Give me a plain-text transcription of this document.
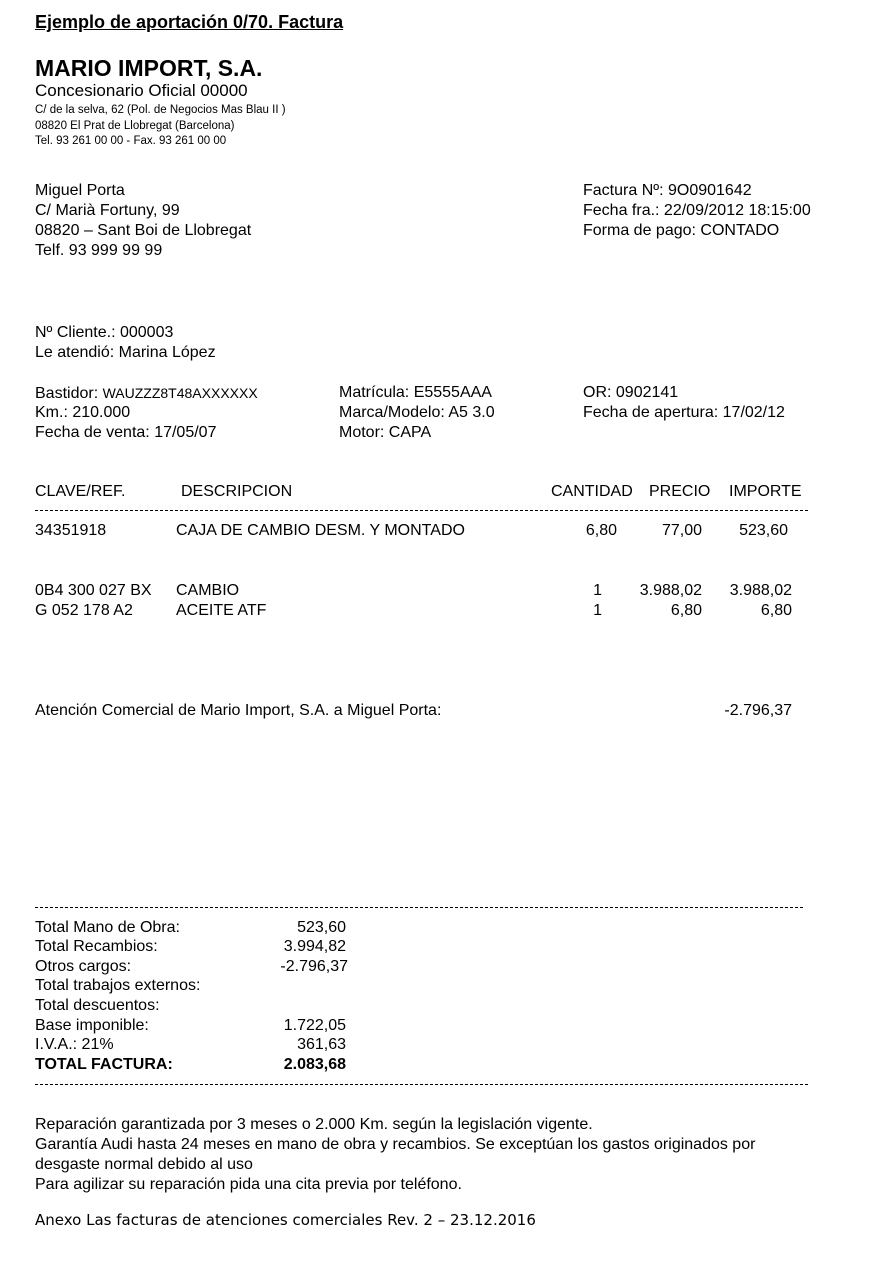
Ejemplo de aportación 0/70. Factura
MARIO IMPORT, S.A.
Concesionario Oficial 00000
C/ de la selva, 62 (Pol. de Negocios Mas Blau II )
08820 El Prat de Llobregat (Barcelona)
Tel. 93 261 00 00 - Fax. 93 261 00 00
Miguel Porta
C/ Marià Fortuny, 99
08820 – Sant Boi de Llobregat
Telf. 93 999 99 99
Factura Nº: 9O0901642
Fecha fra.: 22/09/2012 18:15:00
Forma de pago: CONTADO
Nº Cliente.: 000003
Le atendió: Marina López
Bastidor: WAUZZZ8T48AXXXXXX
Km.: 210.000
Fecha de venta: 17/05/07
Matrícula: E5555AAA
Marca/Modelo: A5 3.0
Motor: CAPA
OR: 0902141
Fecha de apertura: 17/02/12
CLAVE/REF.	DESCRIPCION	CANTIDAD PRECIO IMPORTE
34351918	CAJA DE CAMBIO DESM. Y MONTADO	6,80	77,00	523,60
0B4 300 027 BX CAMBIO	1	3.988,02	3.988,02
G 052 178 A2	ACEITE ATF	1	6,80	6,80
Atención Comercial de Mario Import, S.A. a Miguel Porta:	-2.796,37
Total Mano de Obra:	523,60
Total Recambios:	3.994,82
Otros cargos:	-2.796,37
Total trabajos externos:
Total descuentos:
Base imponible:	1.722,05
I.V.A.: 21%	361,63
TOTAL FACTURA:	2.083,68
Reparación garantizada por 3 meses o 2.000 Km. según la legislación vigente.
Garantía Audi hasta 24 meses en mano de obra y recambios. Se exceptúan los gastos originados por
desgaste normal debido al uso
Para agilizar su reparación pida una cita previa por teléfono.
Anexo Las facturas de atenciones comerciales Rev. 2 – 23.12.2016
